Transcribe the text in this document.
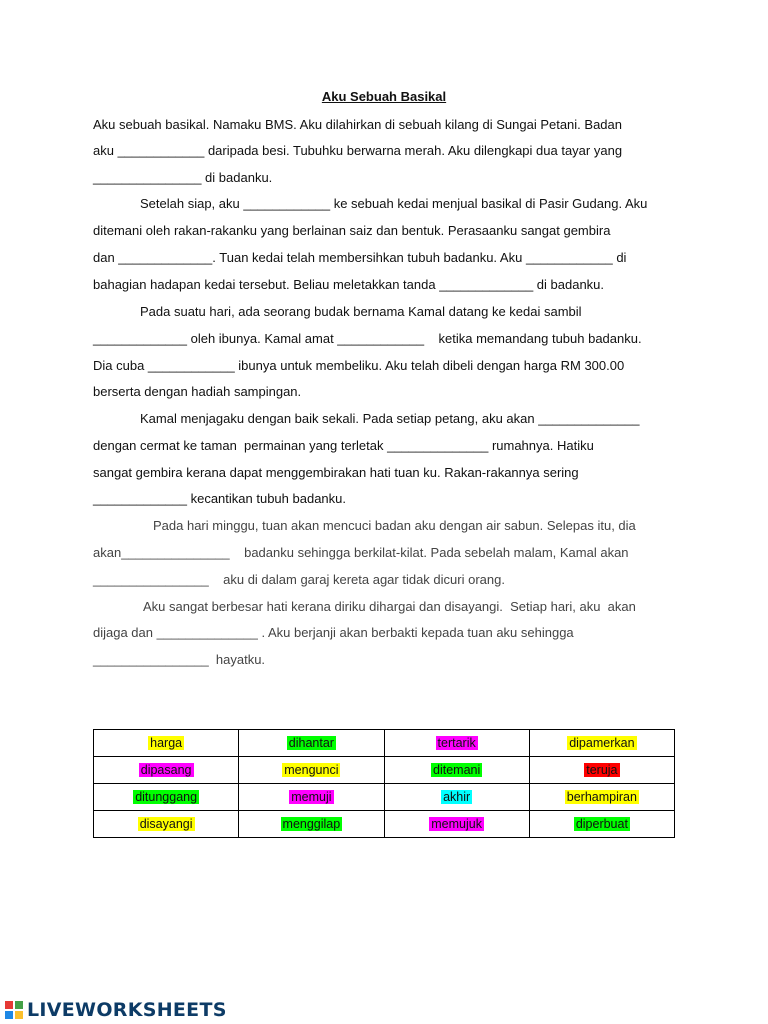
Aku Sebuah Basikal
Aku sebuah basikal. Namaku BMS. Aku dilahirkan di sebuah kilang di Sungai Petani. Badan
aku ____________ daripada besi. Tubuhku berwarna merah. Aku dilengkapi dua tayar yang
_______________ di badanku.
Setelah siap, aku ____________ ke sebuah kedai menjual basikal di Pasir Gudang. Aku
ditemani oleh rakan-rakanku yang berlainan saiz dan bentuk. Perasaanku sangat gembira
dan _____________. Tuan kedai telah membersihkan tubuh badanku. Aku ____________ di
bahagian hadapan kedai tersebut. Beliau meletakkan tanda _____________ di badanku.
Pada suatu hari, ada seorang budak bernama Kamal datang ke kedai sambil
_____________ oleh ibunya. Kamal amat ____________    ketika memandang tubuh badanku.
Dia cuba ____________ ibunya untuk membeliku. Aku telah dibeli dengan harga RM 300.00
berserta dengan hadiah sampingan.
Kamal menjagaku dengan baik sekali. Pada setiap petang, aku akan ______________
dengan cermat ke taman  permainan yang terletak ______________ rumahnya. Hatiku
sangat gembira kerana dapat menggembirakan hati tuan ku. Rakan-rakannya sering
_____________ kecantikan tubuh badanku.
Pada hari minggu, tuan akan mencuci badan aku dengan air sabun. Selepas itu, dia
akan_______________    badanku sehingga berkilat-kilat. Pada sebelah malam, Kamal akan
________________    aku di dalam garaj kereta agar tidak dicuri orang.
Aku sangat berbesar hati kerana diriku dihargai dan disayangi.  Setiap hari, aku  akan
dijaga dan ______________ . Aku berjanji akan berbakti kepada tuan aku sehingga
________________  hayatku.
harga	dihantar	tertarik	dipamerkan
dipasang	mengunci	ditemani	teruja
ditunggang	memuji	akhir	berhampiran
disayangi	menggilap	memujuk	diperbuat
LIVEWORKSHEETS
